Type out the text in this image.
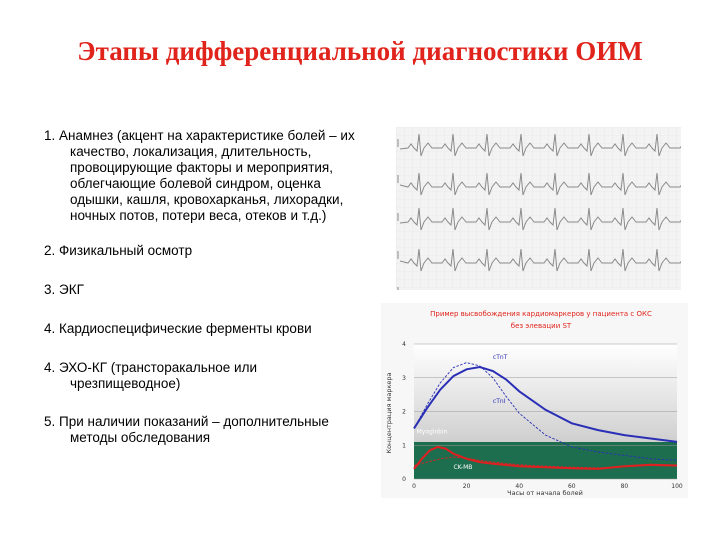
Этапы дифференциальной диагностики ОИМ
1. Анамнез (акцент на характеристике болей – их качество, локализация, длительность, провоцирующие факторы и мероприятия, облегчающие болевой синдром, оценка одышки, кашля, кровохарканья, лихорадки, ночных потов, потери веса, отеков и т.д.)
2. Физикальный осмотр
3. ЭКГ
4. Кардиоспецифические ферменты крови
4. ЭХО-КГ (трансторакальное или чрезпищеводное)
5. При наличии показаний – дополнительные методы обследования
Пример высвобождения кардиомаркеров у пациента с ОКС
без элевации ST
0
1
2
3
4
0	20	40	60	80	100
cTnT
cTnI
Myoglobin
CK-MB
Концентрация маркера
Часы от начала болей
